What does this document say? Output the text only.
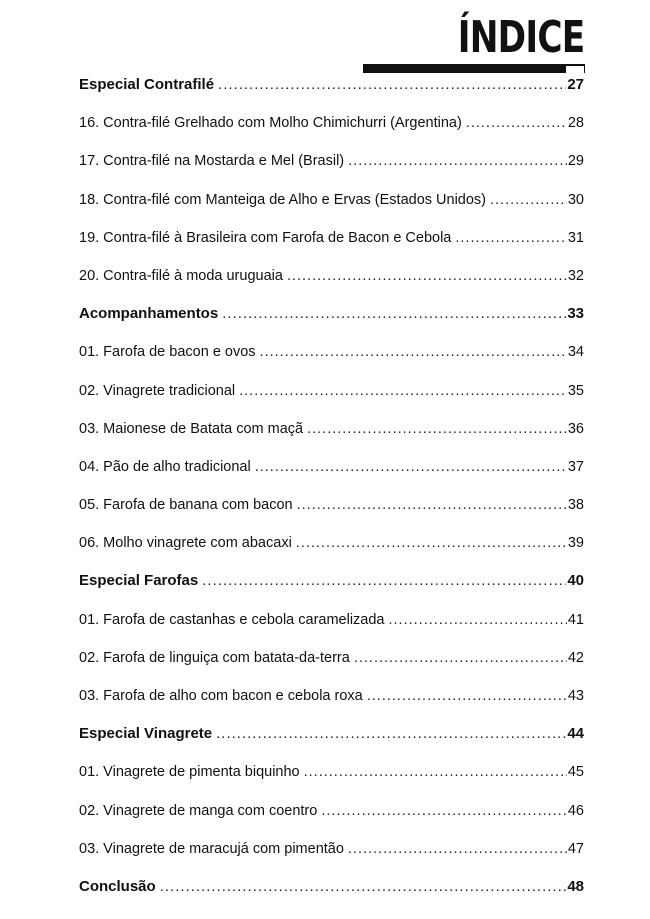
ÍNDICE
Especial Contrafilé .....	27
16. Contra-filé Grelhado com Molho Chimichurri (Argentina) .....	28
17. Contra-filé na Mostarda e Mel (Brasil) .....	29
18. Contra-filé com Manteiga de Alho e Ervas (Estados Unidos) .....	30
19. Contra-filé à Brasileira com Farofa de Bacon e Cebola .....	31
20. Contra-filé à moda uruguaia .....	32
Acompanhamentos .....	33
01. Farofa de bacon e ovos .....	34
02. Vinagrete tradicional .....	35
03. Maionese de Batata com maçã .....	36
04. Pão de alho tradicional .....	37
05. Farofa de banana com bacon .....	38
06. Molho vinagrete com abacaxi .....	39
Especial Farofas .....	40
01. Farofa de castanhas e cebola caramelizada .....	41
02. Farofa de linguiça com batata-da-terra .....	42
03. Farofa de alho com bacon e cebola roxa .....	43
Especial Vinagrete .....	44
01. Vinagrete de pimenta biquinho .....	45
02. Vinagrete de manga com coentro .....	46
03. Vinagrete de maracujá com pimentão .....	47
Conclusão .....	48
